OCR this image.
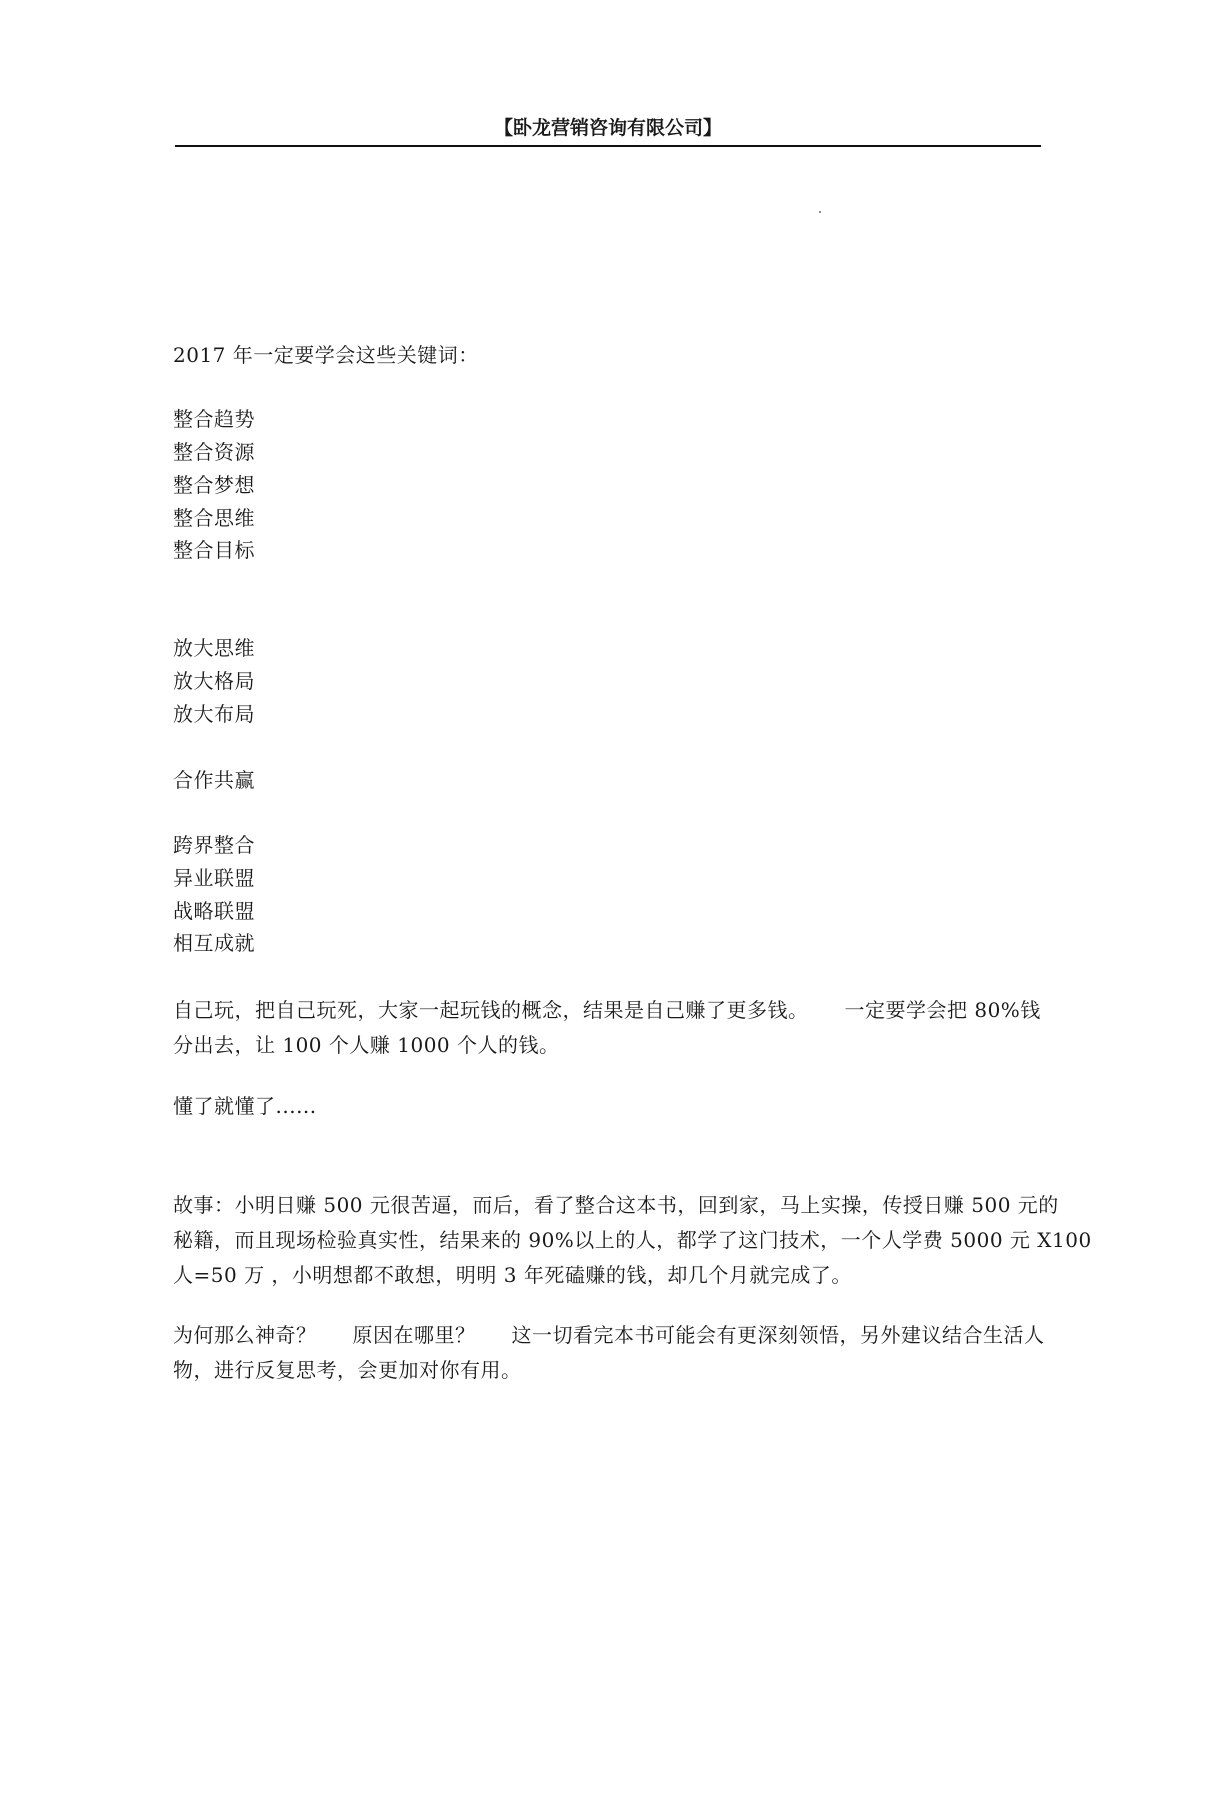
【卧龙营销咨询有限公司】
2017 年一定要学会这些关键词：
整合趋势
整合资源
整合梦想
整合思维
整合目标
放大思维
放大格局
放大布局
合作共赢
跨界整合
异业联盟
战略联盟
相互成就
自己玩，把自己玩死，大家一起玩钱的概念，结果是自己赚了更多钱。 一定要学会把 80%钱
分出去，让 100 个人赚 1000 个人的钱。
懂了就懂了......
故事：小明日赚 500 元很苦逼，而后，看了整合这本书，回到家，马上实操，传授日赚 500 元的
秘籍，而且现场检验真实性，结果来的 90%以上的人，都学了这门技术，一个人学费 5000 元 X100
人=50 万 ，小明想都不敢想，明明 3 年死磕赚的钱，却几个月就完成了。
为何那么神奇？ 原因在哪里？ 这一切看完本书可能会有更深刻领悟，另外建议结合生活人
物，进行反复思考，会更加对你有用。
